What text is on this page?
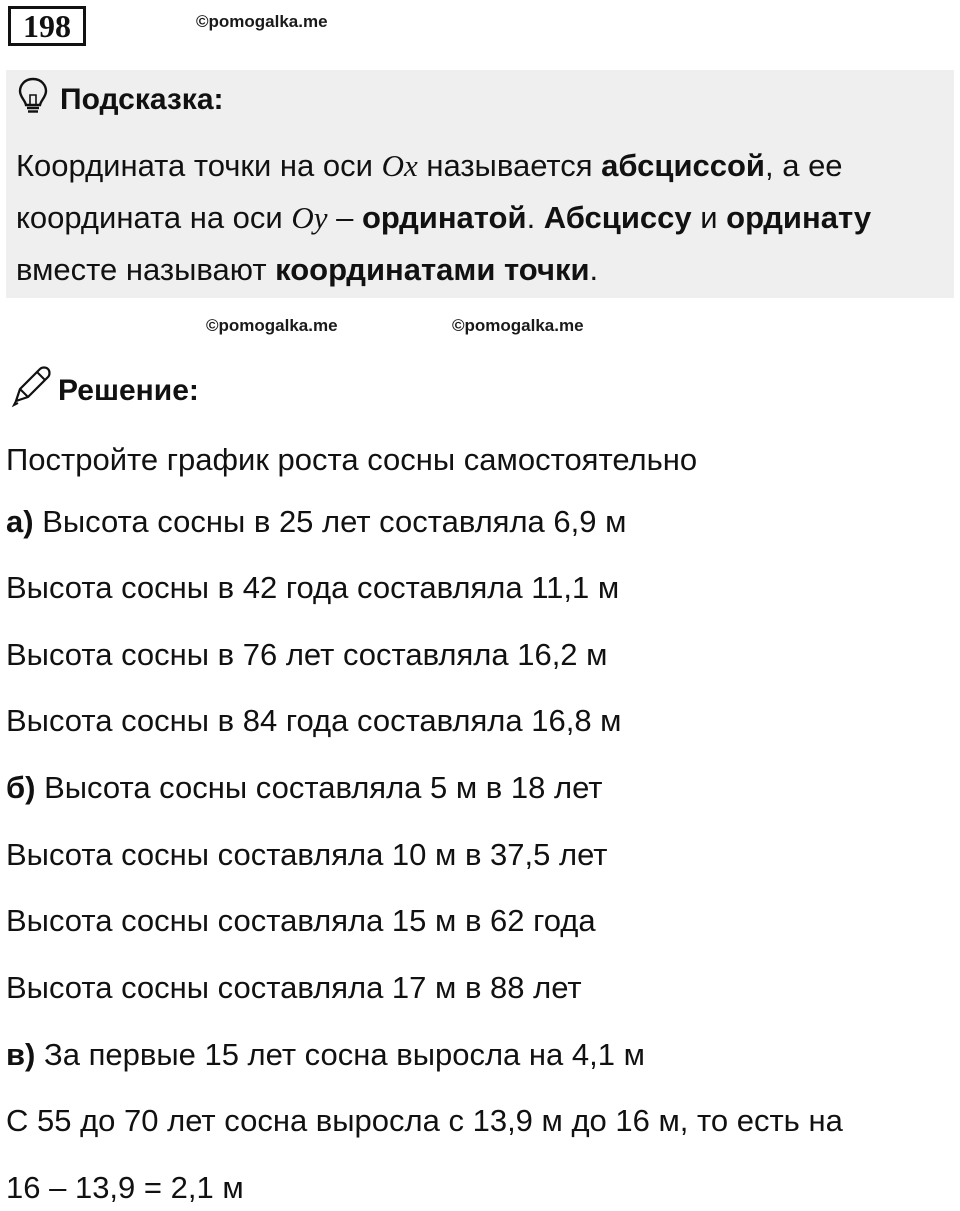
198	©pomogalka.me
Подсказка:
Координата точки на оси Ox называется абсциссой, а ее
координата на оси Oy – ординатой. Абсциссу и ординату
вместе называют координатами точки.
©pomogalka.me	©pomogalka.me
Решение:
Постройте график роста сосны самостоятельно
а) Высота сосны в 25 лет составляла 6,9 м
Высота сосны в 42 года составляла 11,1 м
Высота сосны в 76 лет составляла 16,2 м
Высота сосны в 84 года составляла 16,8 м
б) Высота сосны составляла 5 м в 18 лет
Высота сосны составляла 10 м в 37,5 лет
Высота сосны составляла 15 м в 62 года
Высота сосны составляла 17 м в 88 лет
в) За первые 15 лет сосна выросла на 4,1 м
С 55 до 70 лет сосна выросла с 13,9 м до 16 м, то есть на
16 – 13,9 = 2,1 м
